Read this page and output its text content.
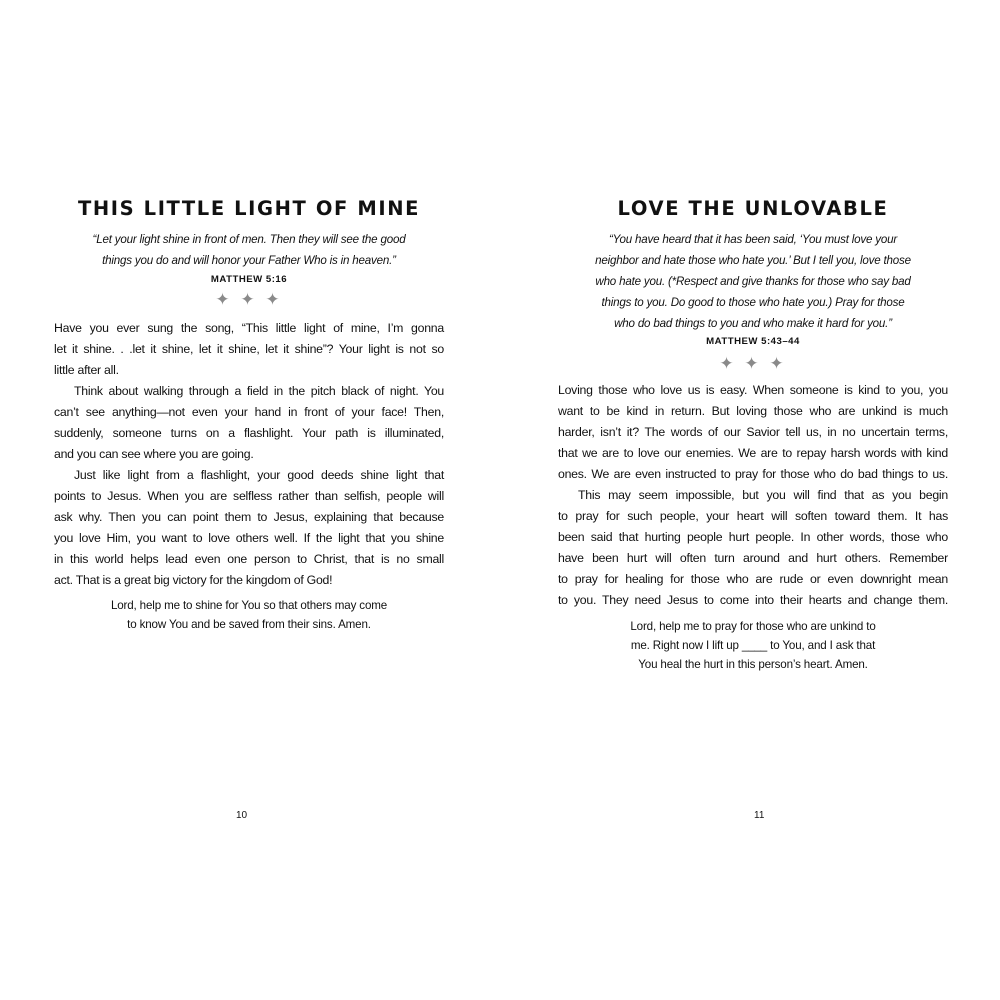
THIS LITTLE LIGHT OF MINE
“Let your light shine in front of men. Then they will see the good
things you do and will honor your Father Who is in heaven.”
MATTHEW 5:16
✦ ✦ ✦
Have you ever sung the song, “This little light of mine, I’m gonna
let it shine. . .let it shine, let it shine, let it shine”? Your light is not so
little after all.
Think about walking through a field in the pitch black of night. You
can’t see anything—not even your hand in front of your face! Then,
suddenly, someone turns on a flashlight. Your path is illuminated,
and you can see where you are going.
Just like light from a flashlight, your good deeds shine light that
points to Jesus. When you are selfless rather than selfish, people will
ask why. Then you can point them to Jesus, explaining that because
you love Him, you want to love others well. If the light that you shine
in this world helps lead even one person to Christ, that is no small
act. That is a great big victory for the kingdom of God!
Lord, help me to shine for You so that others may come
to know You and be saved from their sins. Amen.
LOVE THE UNLOVABLE
“You have heard that it has been said, ‘You must love your
neighbor and hate those who hate you.’ But I tell you, love those
who hate you. (*Respect and give thanks for those who say bad
things to you. Do good to those who hate you.) Pray for those
who do bad things to you and who make it hard for you.”
MATTHEW 5:43–44
✦ ✦ ✦
Loving those who love us is easy. When someone is kind to you, you
want to be kind in return. But loving those who are unkind is much
harder, isn’t it? The words of our Savior tell us, in no uncertain terms,
that we are to love our enemies. We are to repay harsh words with kind
ones. We are even instructed to pray for those who do bad things to us.
This may seem impossible, but you will find that as you begin
to pray for such people, your heart will soften toward them. It has
been said that hurting people hurt people. In other words, those who
have been hurt will often turn around and hurt others. Remember
to pray for healing for those who are rude or even downright mean
to you. They need Jesus to come into their hearts and change them.
Lord, help me to pray for those who are unkind to
me. Right now I lift up ____ to You, and I ask that
You heal the hurt in this person’s heart. Amen.
10	11
